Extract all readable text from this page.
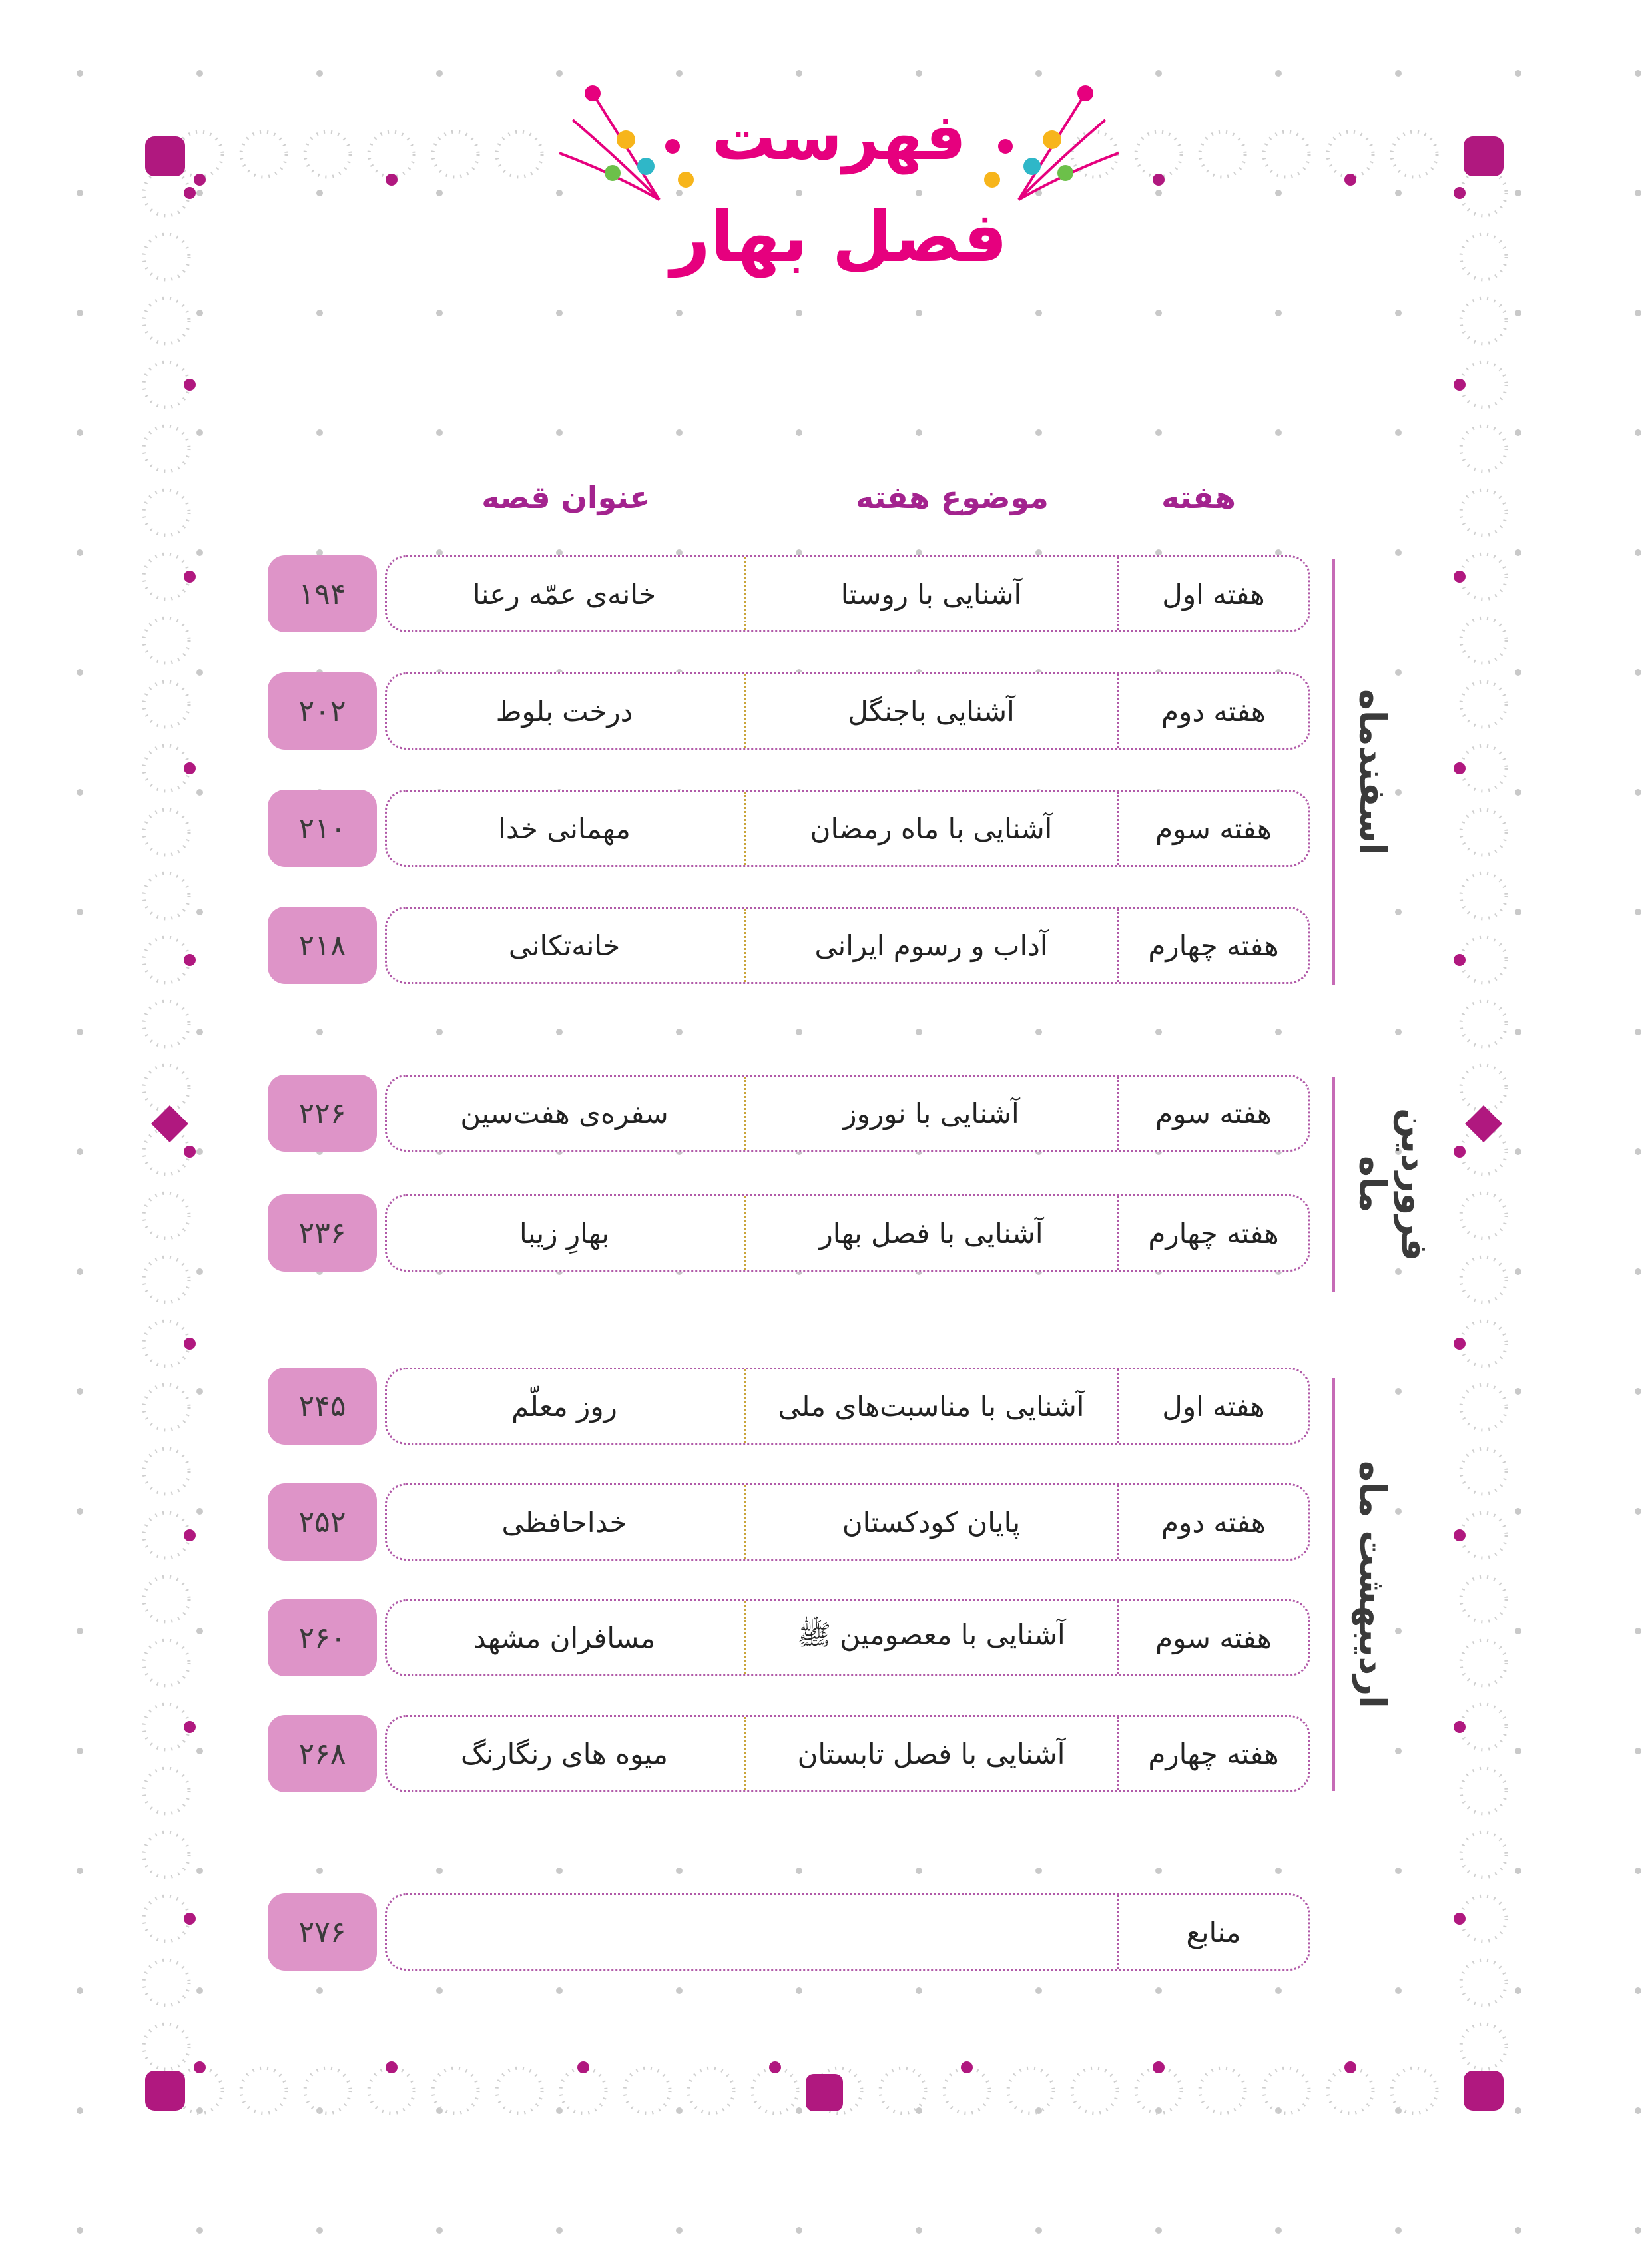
فهرست
فصل بهار
هفته
موضوع هفته
عنوان قصه
اسفندماه
هفته اول
آشنایی با روستا
خانه‌ی عمّه رعنا
۱۹۴
هفته دوم
آشنایی باجنگل
درخت بلوط
۲۰۲
هفته سوم
آشنایی با ماه رمضان
مهمانی خدا
۲۱۰
هفته چهارم
آداب و رسوم ایرانی
خانه‌تکانی
۲۱۸
فروردین ماه
هفته سوم
آشنایی با نوروز
سفره‌ی هفت‌سین
۲۲۶
هفته چهارم
آشنایی با فصل بهار
بهارِ زیبا
۲۳۶
اردیبهشت ماه
هفته اول
آشنایی با مناسبت‌های ملی
روز معلّم
۲۴۵
هفته دوم
پایان کودکستان
خداحافظی
۲۵۲
هفته سوم
آشنایی با معصومین ﷺ
مسافران مشهد
۲۶۰
هفته چهارم
آشنایی با فصل تابستان
میوه های رنگارنگ
۲۶۸
منابع
۲۷۶
